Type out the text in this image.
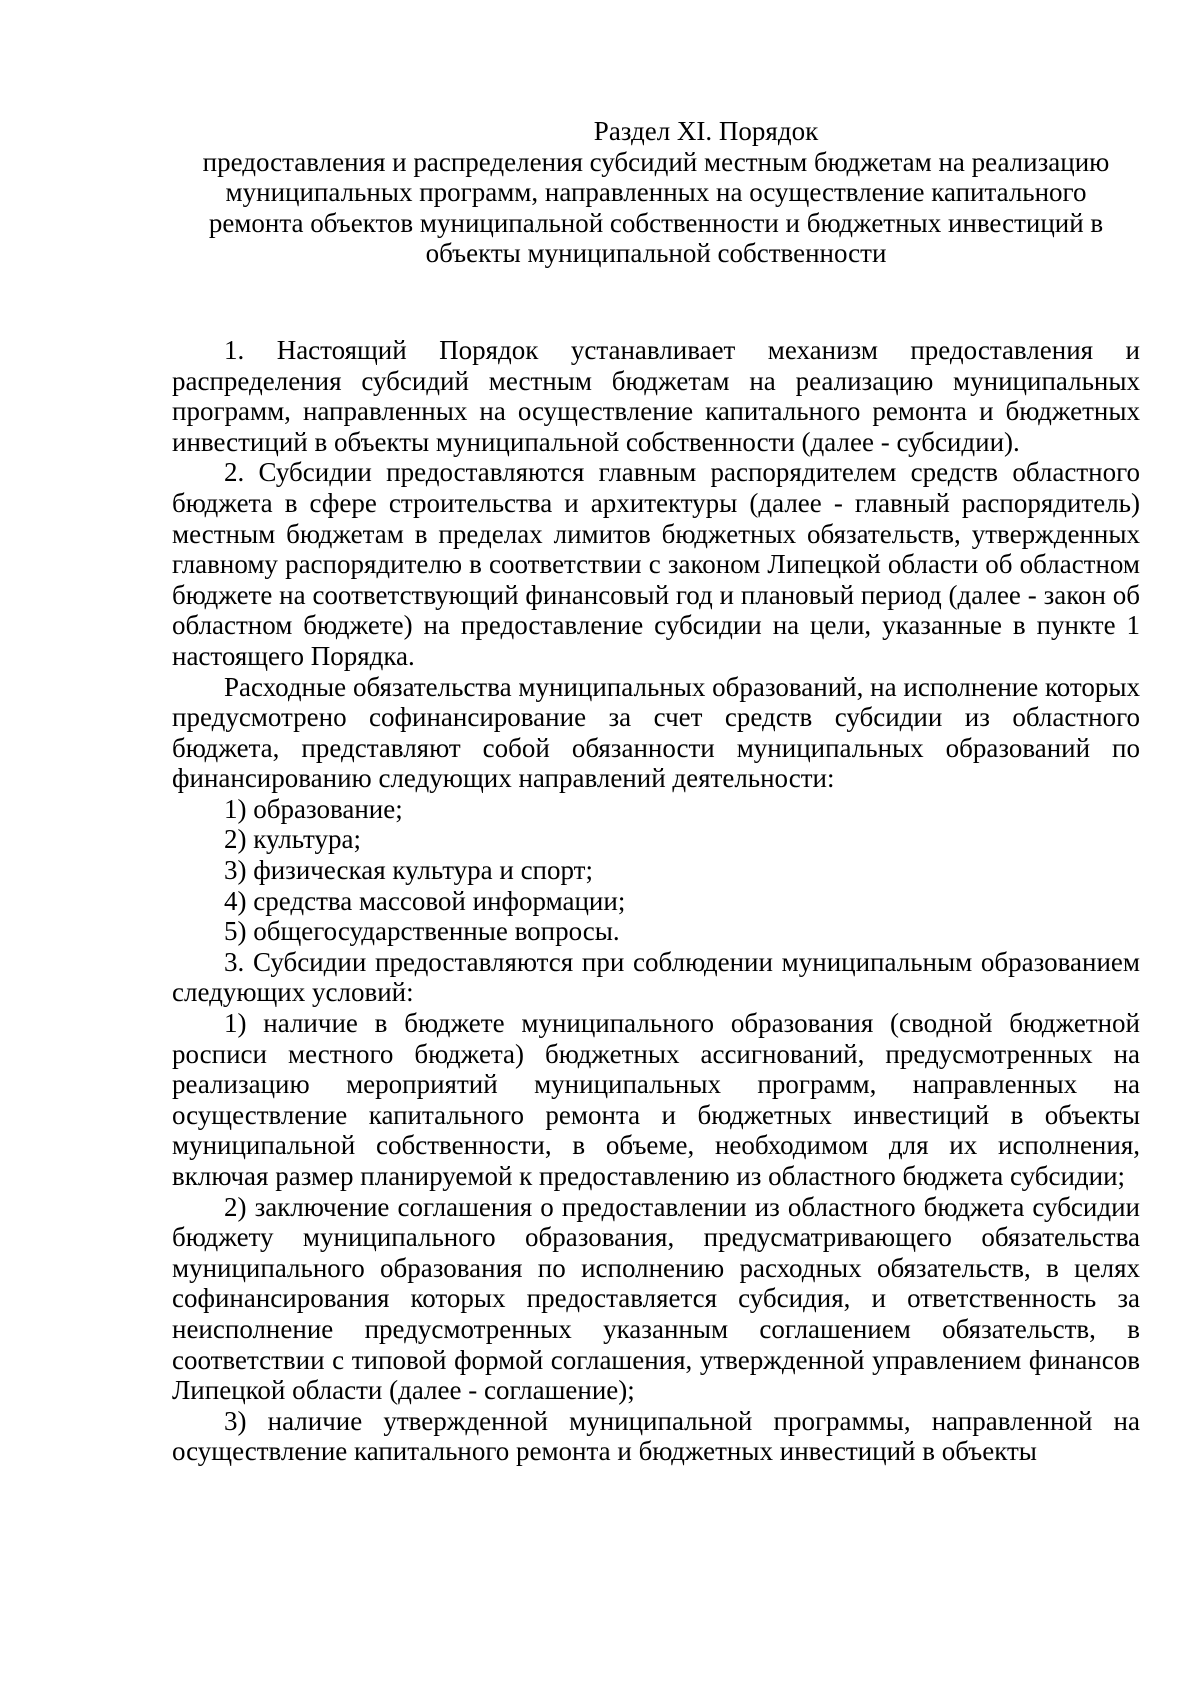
Раздел XI. Порядок
предоставления и распределения субсидий местным бюджетам на реализацию
муниципальных программ, направленных на осуществление капитального
ремонта объектов муниципальной собственности и бюджетных инвестиций в
объекты муниципальной собственности

1. Настоящий Порядок устанавливает механизм предоставления и распределения субсидий местным бюджетам на реализацию муниципальных программ, направленных на осуществление капитального ремонта и бюджетных инвестиций в объекты муниципальной собственности (далее - субсидии).

2. Субсидии предоставляются главным распорядителем средств областного бюджета в сфере строительства и архитектуры (далее - главный распорядитель) местным бюджетам в пределах лимитов бюджетных обязательств, утвержденных главному распорядителю в соответствии с законом Липецкой области об областном бюджете на соответствующий финансовый год и плановый период (далее - закон об областном бюджете) на предоставление субсидии на цели, указанные в пункте 1 настоящего Порядка.

Расходные обязательства муниципальных образований, на исполнение которых предусмотрено софинансирование за счет средств субсидии из областного бюджета, представляют собой обязанности муниципальных образований по финансированию следующих направлений деятельности:

1) образование;

2) культура;

3) физическая культура и спорт;

4) средства массовой информации;

5) общегосударственные вопросы.

3. Субсидии предоставляются при соблюдении муниципальным образованием следующих условий:

1) наличие в бюджете муниципального образования (сводной бюджетной росписи местного бюджета) бюджетных ассигнований, предусмотренных на реализацию мероприятий муниципальных программ, направленных на осуществление капитального ремонта и бюджетных инвестиций в объекты муниципальной собственности, в объеме, необходимом для их исполнения, включая размер планируемой к предоставлению из областного бюджета субсидии;

2) заключение соглашения о предоставлении из областного бюджета субсидии бюджету муниципального образования, предусматривающего обязательства муниципального образования по исполнению расходных обязательств, в целях софинансирования которых предоставляется субсидия, и ответственность за неисполнение предусмотренных указанным соглашением обязательств, в соответствии с типовой формой соглашения, утвержденной управлением финансов Липецкой области (далее - соглашение);

3) наличие утвержденной муниципальной программы, направленной на осуществление капитального ремонта и бюджетных инвестиций в объекты
